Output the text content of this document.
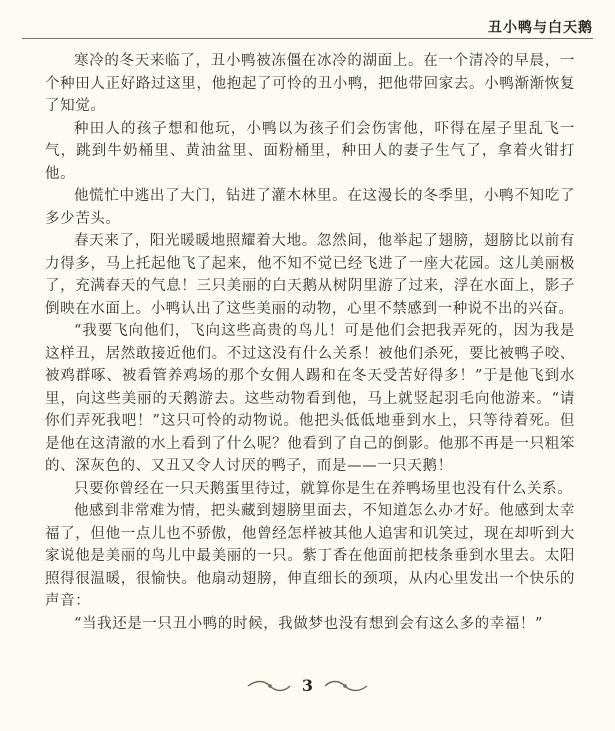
丑小鸭与白天鹅

寒冷的冬天来临了，丑小鸭被冻僵在冰冷的湖面上。在一个清冷的早晨，一个种田人正好路过这里，他抱起了可怜的丑小鸭，把他带回家去。小鸭渐渐恢复了知觉。

种田人的孩子想和他玩，小鸭以为孩子们会伤害他，吓得在屋子里乱飞一气，跳到牛奶桶里、黄油盆里、面粉桶里，种田人的妻子生气了，拿着火钳打他。

他慌忙中逃出了大门，钻进了灌木林里。在这漫长的冬季里，小鸭不知吃了多少苦头。

春天来了，阳光暖暖地照耀着大地。忽然间，他举起了翅膀，翅膀比以前有力得多，马上托起他飞了起来，他不知不觉已经飞进了一座大花园。这儿美丽极了，充满春天的气息！三只美丽的白天鹅从树阴里游了过来，浮在水面上，影子倒映在水面上。小鸭认出了这些美丽的动物，心里不禁感到一种说不出的兴奋。

“我要飞向他们，飞向这些高贵的鸟儿！可是他们会把我弄死的，因为我是这样丑，居然敢接近他们。不过这没有什么关系！被他们杀死，要比被鸭子咬、被鸡群啄、被看管养鸡场的那个女佣人踢和在冬天受苦好得多！”于是他飞到水里，向这些美丽的天鹅游去。这些动物看到他，马上就竖起羽毛向他游来。“请你们弄死我吧！”这只可怜的动物说。他把头低低地垂到水上，只等待着死。但是他在这清澈的水上看到了什么呢？他看到了自己的倒影。他那不再是一只粗笨的、深灰色的、又丑又令人讨厌的鸭子，而是——一只天鹅！

只要你曾经在一只天鹅蛋里待过，就算你是生在养鸭场里也没有什么关系。

他感到非常难为情，把头藏到翅膀里面去，不知道怎么办才好。他感到太幸福了，但他一点儿也不骄傲，他曾经怎样被其他人追害和讥笑过，现在却听到大家说他是美丽的鸟儿中最美丽的一只。紫丁香在他面前把枝条垂到水里去。太阳照得很温暖，很愉快。他扇动翅膀，伸直细长的颈项，从内心里发出一个快乐的声音：

“当我还是一只丑小鸭的时候，我做梦也没有想到会有这么多的幸福！”

3
